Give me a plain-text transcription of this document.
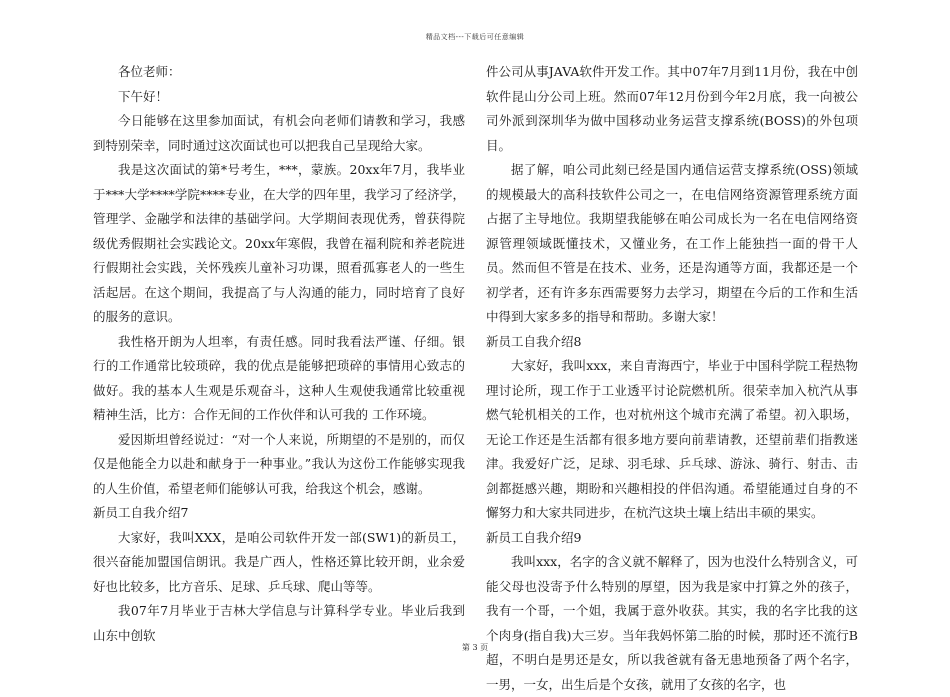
精品文档---下载后可任意编辑

各位老师：

下午好！

今日能够在这里参加面试，有机会向老师们请教和学习，我感到特别荣幸，同时通过这次面试也可以把我自己呈现给大家。

我是这次面试的第*号考生，***，蒙族。20xx年7月，我毕业于***大学****学院****专业，在大学的四年里，我学习了经济学，管理学、金融学和法律的基础学问。大学期间表现优秀，曾获得院级优秀假期社会实践论文。20xx年寒假，我曾在福利院和养老院进行假期社会实践，关怀残疾儿童补习功课，照看孤寡老人的一些生活起居。在这个期间，我提高了与人沟通的能力，同时培育了良好的服务的意识。

我性格开朗为人坦率，有责任感。同时我看法严谨、仔细。银行的工作通常比较琐碎，我的优点是能够把琐碎的事情用心致志的做好。我的基本人生观是乐观奋斗，这种人生观使我通常比较重视精神生活，比方：合作无间的工作伙伴和认可我的 工作环境。

爱因斯坦曾经说过：“对一个人来说，所期望的不是别的，而仅仅是他能全力以赴和献身于一种事业。”我认为这份工作能够实现我的人生价值，希望老师们能够认可我，给我这个机会，感谢。

新员工自我介绍7

大家好，我叫XXX，是咱公司软件开发一部(SW1)的新员工，很兴奋能加盟国信朗讯。我是广西人，性格还算比较开朗，业余爱好也比较多，比方音乐、足球、乒乓球、爬山等等。

我07年7月毕业于吉林大学信息与计算科学专业。毕业后我到山东中创软

件公司从事JAVA软件开发工作。其中07年7月到11月份，我在中创软件昆山分公司上班。然而07年12月份到今年2月底，我一向被公司外派到深圳华为做中国移动业务运营支撑系统(BOSS)的外包项目。

据了解，咱公司此刻已经是国内通信运营支撑系统(OSS)领域的规模最大的高科技软件公司之一，在电信网络资源管理系统方面占据了主导地位。我期望我能够在咱公司成长为一名在电信网络资源管理领域既懂技术，又懂业务，在工作上能独挡一面的骨干人员。然而但不管是在技术、业务，还是沟通等方面，我都还是一个初学者，还有许多东西需要努力去学习，期望在今后的工作和生活中得到大家多多的指导和帮助。多谢大家！

新员工自我介绍8

大家好，我叫xxx，来自青海西宁，毕业于中国科学院工程热物理讨论所，现工作于工业透平讨论院燃机所。很荣幸加入杭汽从事燃气轮机相关的工作，也对杭州这个城市充满了希望。初入职场，无论工作还是生活都有很多地方要向前辈请教，还望前辈们指教迷津。我爱好广泛，足球、羽毛球、乒乓球、游泳、骑行、射击、击剑都挺感兴趣，期盼和兴趣相投的伴侣沟通。希望能通过自身的不懈努力和大家共同进步，在杭汽这块土壤上结出丰硕的果实。

新员工自我介绍9

我叫xxx，名字的含义就不解释了，因为也没什么特别含义，可能父母也没寄予什么特别的厚望，因为我是家中打算之外的孩子，我有一个哥，一个姐，我属于意外收获。其实，我的名字比我的这个肉身(指自我)大三岁。当年我妈怀第二胎的时候，那时还不流行B超，不明白是男还是女，所以我爸就有备无患地预备了两个名字，一男，一女，出生后是个女孩，就用了女孩的名字，也

第 3 页
